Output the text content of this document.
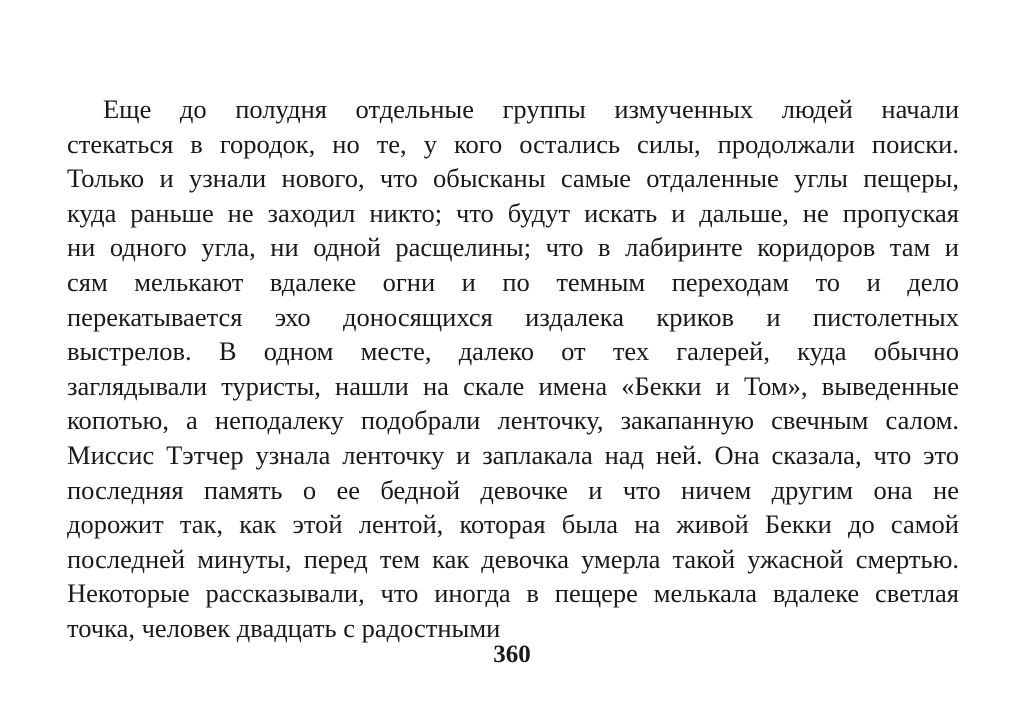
Еще до полудня отдельные группы измученных людей начали
стекаться в городок, но те, у кого остались силы, продолжали поиски.
Только и узнали нового, что обысканы самые отдаленные углы пещеры,
куда раньше не заходил никто; что будут искать и дальше, не пропуская
ни одного угла, ни одной расщелины; что в лабиринте коридоров там и
сям мелькают вдалеке огни и по темным переходам то и дело
перекатывается эхо доносящихся издалека криков и пистолетных
выстрелов. В одном месте, далеко от тех галерей, куда обычно
заглядывали туристы, нашли на скале имена «Бекки и Том», выведенные
копотью, а неподалеку подобрали ленточку, закапанную свечным салом.
Миссис Тэтчер узнала ленточку и заплакала над ней. Она сказала, что это
последняя память о ее бедной девочке и что ничем другим она не
дорожит так, как этой лентой, которая была на живой Бекки до самой
последней минуты, перед тем как девочка умерла такой ужасной смертью.
Некоторые рассказывали, что иногда в пещере мелькала вдалеке светлая
точка, человек двадцать с радостными
360
